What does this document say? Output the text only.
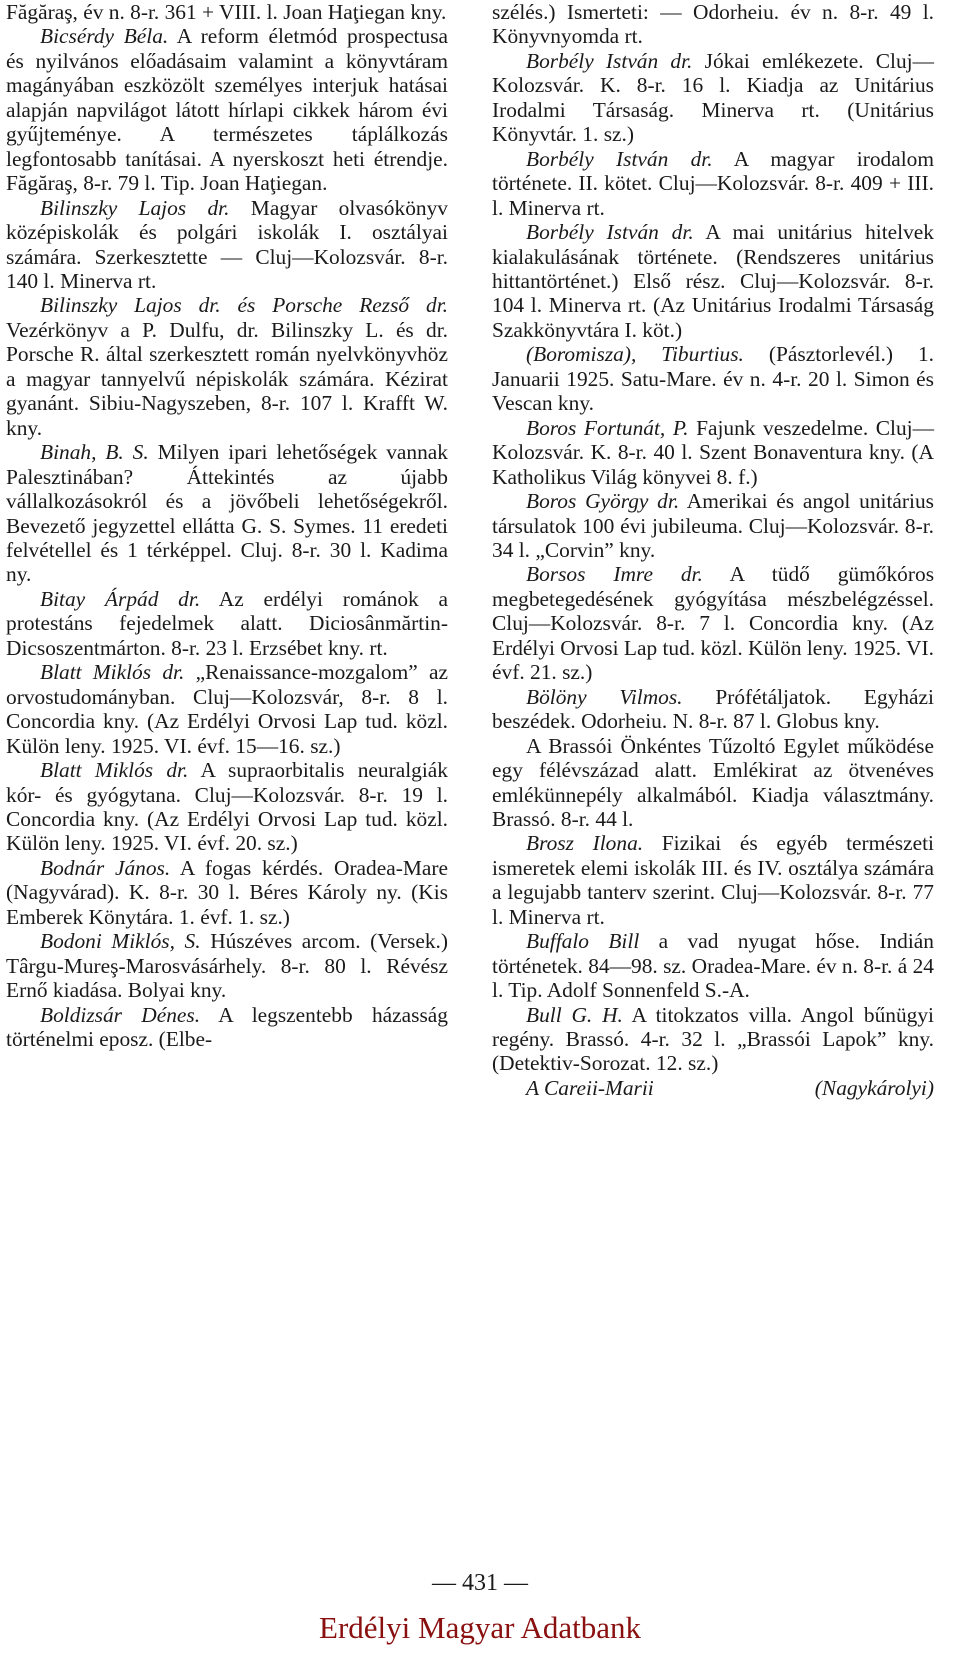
Făgăraş, év n. 8-r. 361 + VIII. l. Joan Haţiegan kny.

Bicsérdy Béla. A reform életmód prospectusa és nyilvános előadásaim valamint a könyvtáram magányában eszközölt személyes interjuk hatásai alapján napvilágot látott hírlapi cikkek három évi gyűjteménye. A természetes táplálkozás legfontosabb tanításai. A nyerskoszt heti étrendje. Făgăraş, 8-r. 79 l. Tip. Joan Haţiegan.

Bilinszky Lajos dr. Magyar olvasókönyv középiskolák és polgári iskolák I. osztályai számára. Szerkesztette — Cluj—Kolozsvár. 8-r. 140 l. Minerva rt.

Bilinszky Lajos dr. és Porsche Rezső dr. Vezérkönyv a P. Dulfu, dr. Bilinszky L. és dr. Porsche R. által szerkesztett román nyelvkönyvhöz a magyar tannyelvű népiskolák számára. Kézirat gyanánt. Sibiu-Nagyszeben, 8-r. 107 l. Krafft W. kny.

Binah, B. S. Milyen ipari lehetőségek vannak Palesztinában? Áttekintés az újabb vállalkozásokról és a jövőbeli lehetőségekről. Bevezető jegyzettel ellátta G. S. Symes. 11 eredeti felvétellel és 1 térképpel. Cluj. 8-r. 30 l. Kadima ny.

Bitay Árpád dr. Az erdélyi románok a protestáns fejedelmek alatt. Diciosânmărtin-Dicsoszentmárton. 8-r. 23 l. Erzsébet kny. rt.

Blatt Miklós dr. „Renaissance-mozgalom” az orvostudományban. Cluj—Kolozsvár, 8-r. 8 l. Concordia kny. (Az Erdélyi Orvosi Lap tud. közl. Külön leny. 1925. VI. évf. 15—16. sz.)

Blatt Miklós dr. A supraorbitalis neuralgiák kór- és gyógytana. Cluj—Kolozsvár. 8-r. 19 l. Concordia kny. (Az Erdélyi Orvosi Lap tud. közl. Külön leny. 1925. VI. évf. 20. sz.)

Bodnár János. A fogas kérdés. Oradea-Mare (Nagyvárad). K. 8-r. 30 l. Béres Károly ny. (Kis Emberek Könytára. 1. évf. 1. sz.)

Bodoni Miklós, S. Húszéves arcom. (Versek.) Târgu-Mureş-Marosvásárhely. 8-r. 80 l. Révész Ernő kiadása. Bolyai kny.

Boldizsár Dénes. A legszentebb házasság történelmi eposz. (Elbe-

szélés.) Ismerteti: — Odorheiu. év n. 8-r. 49 l. Könyvnyomda rt.

Borbély István dr. Jókai emlékezete. Cluj—Kolozsvár. K. 8-r. 16 l. Kiadja az Unitárius Irodalmi Társaság. Minerva rt. (Unitárius Könyvtár. 1. sz.)

Borbély István dr. A magyar irodalom története. II. kötet. Cluj—Kolozsvár. 8-r. 409 + III. l. Minerva rt.

Borbély István dr. A mai unitárius hitelvek kialakulásának története. (Rendszeres unitárius hittantörténet.) Első rész. Cluj—Kolozsvár. 8-r. 104 l. Minerva rt. (Az Unitárius Irodalmi Társaság Szakkönyvtára I. köt.)

(Boromisza), Tiburtius. (Pásztorlevél.) 1. Januarii 1925. Satu-Mare. év n. 4-r. 20 l. Simon és Vescan kny.

Boros Fortunát, P. Fajunk veszedelme. Cluj—Kolozsvár. K. 8-r. 40 l. Szent Bonaventura kny. (A Katholikus Világ könyvei 8. f.)

Boros György dr. Amerikai és angol unitárius társulatok 100 évi jubileuma. Cluj—Kolozsvár. 8-r. 34 l. „Corvin” kny.

Borsos Imre dr. A tüdő gümőkóros megbetegedésének gyógyítása mészbelégzéssel. Cluj—Kolozsvár. 8-r. 7 l. Concordia kny. (Az Erdélyi Orvosi Lap tud. közl. Külön leny. 1925. VI. évf. 21. sz.)

Bölöny Vilmos. Prófétáljatok. Egyházi beszédek. Odorheiu. N. 8-r. 87 l. Globus kny.

A Brassói Önkéntes Tűzoltó Egylet működése egy félévszázad alatt. Emlékirat az ötvenéves emlékünnepély alkalmából. Kiadja választmány. Brassó. 8-r. 44 l.

Brosz Ilona. Fizikai és egyéb természeti ismeretek elemi iskolák III. és IV. osztálya számára a legujabb tanterv szerint. Cluj—Kolozsvár. 8-r. 77 l. Minerva rt.

Buffalo Bill a vad nyugat hőse. Indián történetek. 84—98. sz. Oradea-Mare. év n. 8-r. á 24 l. Tip. Adolf Sonnenfeld S.-A.

Bull G. H. A titokzatos villa. Angol bűnügyi regény. Brassó. 4-r. 32 l. „Brassói Lapok” kny. (Detektiv-Sorozat. 12. sz.)

A Careii-Marii	(Nagykárolyi)
— 431 —
Erdélyi Magyar Adatbank
